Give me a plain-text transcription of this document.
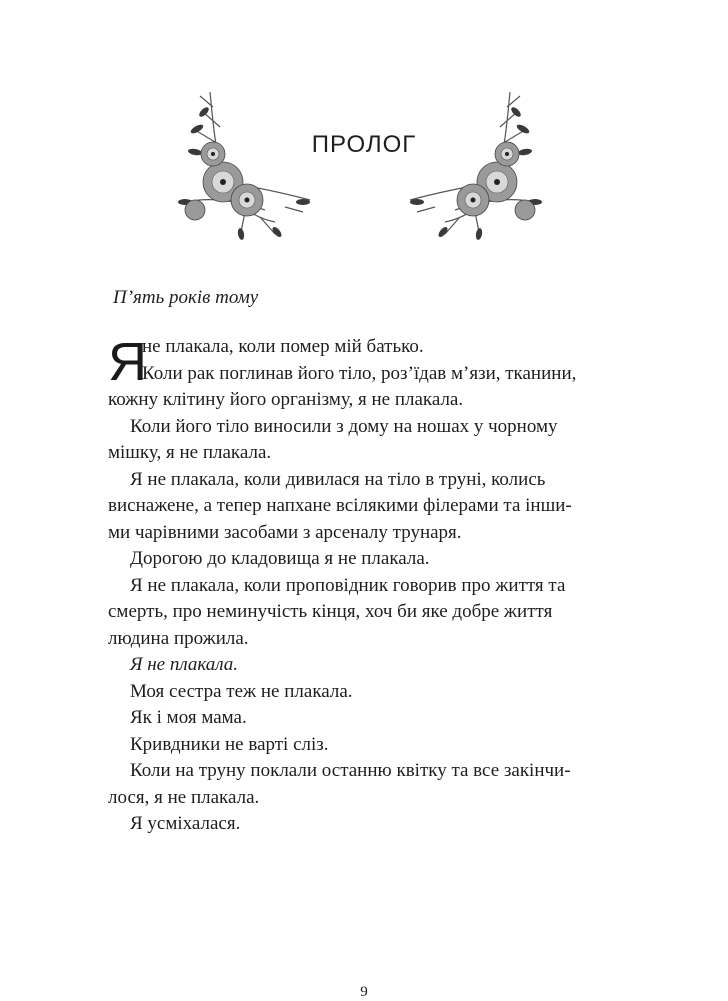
ПРОЛОГ
П’ять років тому
Я
не плакала, коли помер мій батько.
Коли рак поглинав його тіло, роз’їдав м’язи, тканини,
кожну клітину його організму, я не плакала.
Коли його тіло виносили з дому на ношах у чорному
мішку, я не плакала.
Я не плакала, коли дивилася на тіло в труні, колись
виснажене, а тепер напхане всілякими філерами та інши-
ми чарівними засобами з арсеналу трунаря.
Дорогою до кладовища я не плакала.
Я не плакала, коли проповідник говорив про життя та
смерть, про неминучість кінця, хоч би яке добре життя
людина прожила.
Я не плакала.
Моя сестра теж не плакала.
Як і моя мама.
Кривдники не варті сліз.
Коли на труну поклали останню квітку та все закінчи-
лося, я не плакала.
Я усміхалася.
9
